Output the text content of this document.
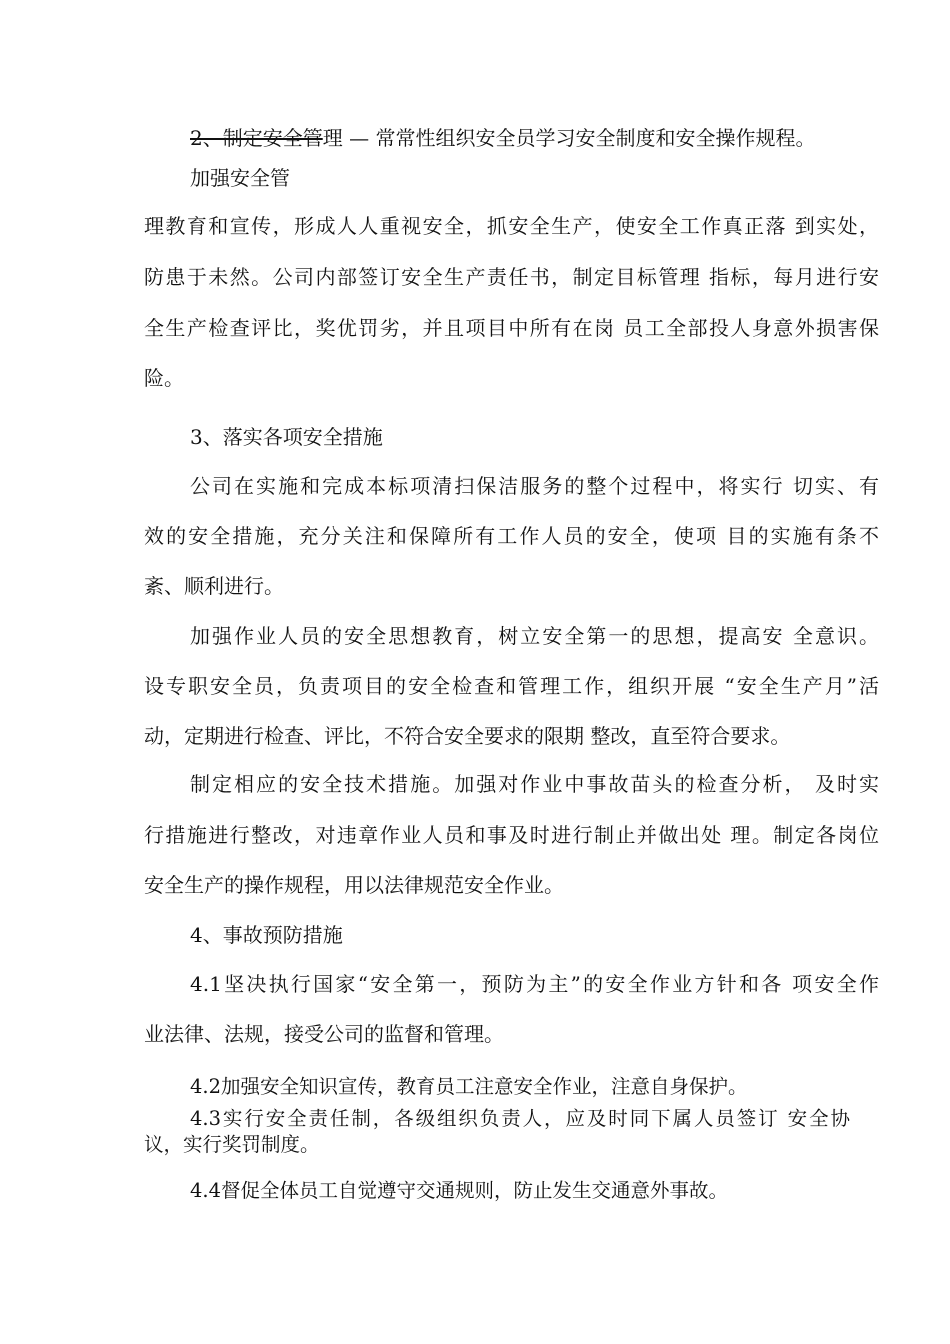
2、制定安全管理 — 常常性组织安全员学习安全制度和安全操作规程。
加强安全管
理教育和宣传，形成人人重视安全，抓安全生产，使安全工作真正落 到实处，
防患于未然。公司内部签订安全生产责任书，制定目标管理 指标，每月进行安
全生产检查评比，奖优罚劣，并且项目中所有在岗 员工全部投人身意外损害保
险。
3、落实各项安全措施
公司在实施和完成本标项清扫保洁服务的整个过程中，将实行 切实、有
效的安全措施，充分关注和保障所有工作人员的安全，使项 目的实施有条不
紊、顺利进行。
加强作业人员的安全思想教育，树立安全第一的思想，提高安 全意识。
设专职安全员，负责项目的安全检查和管理工作，组织开展 “安全生产月”活
动，定期进行检查、评比，不符合安全要求的限期 整改，直至符合要求。
制定相应的安全技术措施。加强对作业中事故苗头的检查分析， 及时实
行措施进行整改，对违章作业人员和事及时进行制止并做出处 理。制定各岗位
安全生产的操作规程，用以法律规范安全作业。
4、事故预防措施
4.1坚决执行国家“安全第一，预防为主”的安全作业方针和各 项安全作
业法律、法规，接受公司的监督和管理。
4.2加强安全知识宣传，教育员工注意安全作业，注意自身保护。
4.3实行安全责任制，各级组织负责人，应及时同下属人员签订 安全协
议，实行奖罚制度。
4.4督促全体员工自觉遵守交通规则，防止发生交通意外事故。
